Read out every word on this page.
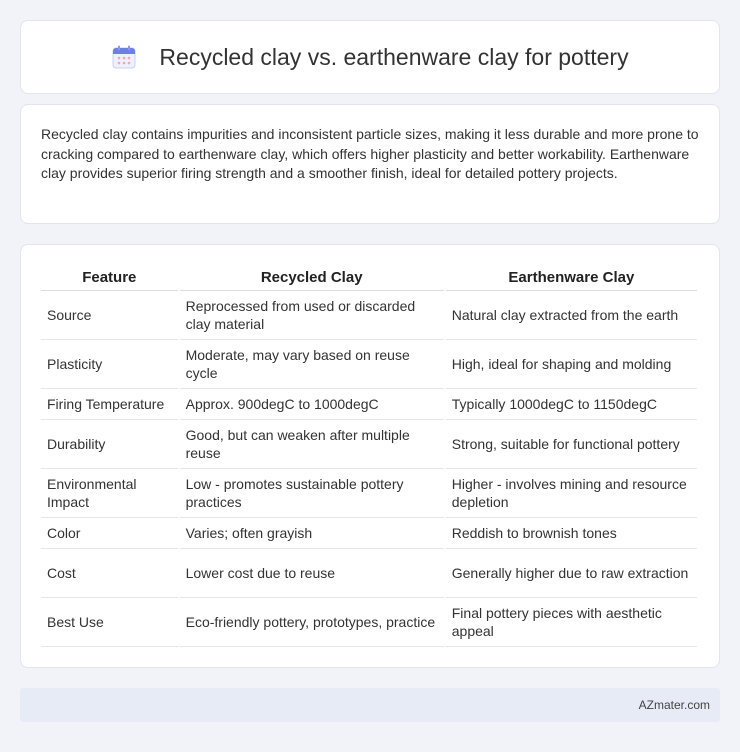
Recycled clay vs. earthenware clay for pottery

Recycled clay contains impurities and inconsistent particle sizes, making it less durable and more prone to cracking compared to earthenware clay, which offers higher plasticity and better workability. Earthenware clay provides superior firing strength and a smoother finish, ideal for detailed pottery projects.

Feature	Recycled Clay	Earthenware Clay
Source	Reprocessed from used or discarded clay material	Natural clay extracted from the earth
Plasticity	Moderate, may vary based on reuse cycle	High, ideal for shaping and molding
Firing Temperature	Approx. 900degC to 1000degC	Typically 1000degC to 1150degC
Durability	Good, but can weaken after multiple reuse	Strong, suitable for functional pottery
Environmental Impact	Low - promotes sustainable pottery practices	Higher - involves mining and resource depletion
Color	Varies; often grayish	Reddish to brownish tones
Cost	Lower cost due to reuse	Generally higher due to raw extraction
Best Use	Eco-friendly pottery, prototypes, practice	Final pottery pieces with aesthetic appeal
AZmater.com
